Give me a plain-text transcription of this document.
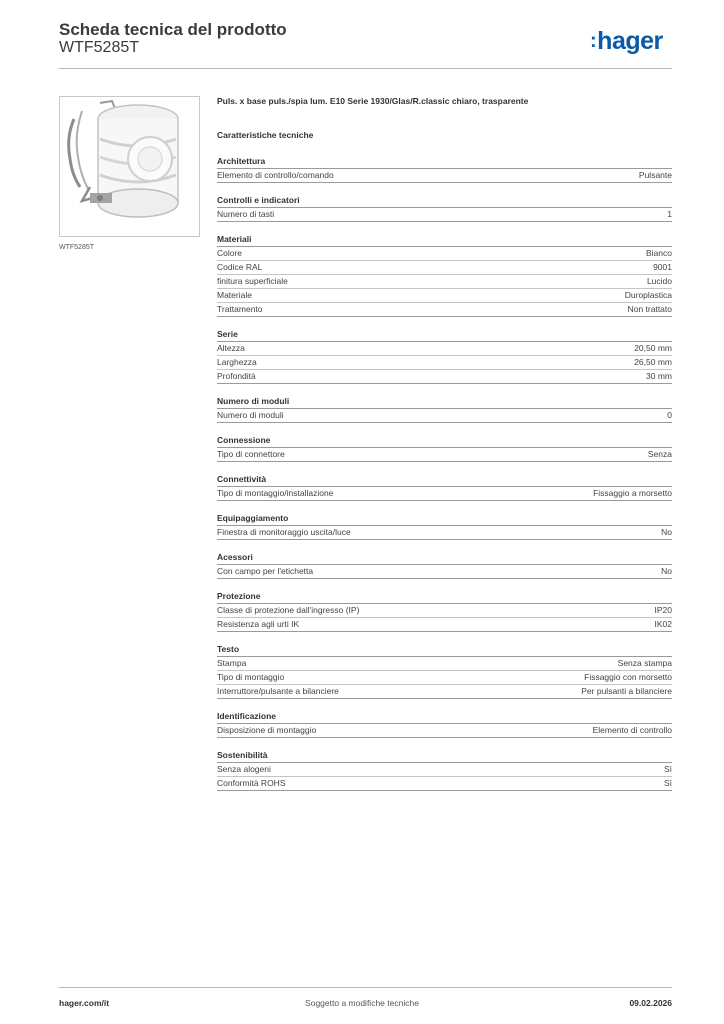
Scheda tecnica del prodotto
WTF5285T	:hager
WTF5285T
Puls. x base puls./spia lum. E10 Serie 1930/Glas/R.classic chiaro, trasparente
Caratteristiche tecniche
Architettura
Elemento di controllo/comando	Pulsante
Controlli e indicatori
Numero di tasti	1
Materiali
Colore	Bianco
Codice RAL	9001
finitura superficiale	Lucido
Materiale	Duroplastica
Trattamento	Non trattato
Serie
Altezza	20,50 mm
Larghezza	26,50 mm
Profondità	30 mm
Numero di moduli
Numero di moduli	0
Connessione
Tipo di connettore	Senza
Connettività
Tipo di montaggio/installazione	Fissaggio a morsetto
Equipaggiamento
Finestra di monitoraggio uscita/luce	No
Acessori
Con campo per l'etichetta	No
Protezione
Classe di protezione dall'ingresso (IP)	IP20
Resistenza agli urti IK	IK02
Testo
Stampa	Senza stampa
Tipo di montaggio	Fissaggio con morsetto
Interruttore/pulsante a bilanciere	Per pulsanti a bilanciere
Identificazione
Disposizione di montaggio	Elemento di controllo
Sostenibilità
Senza alogeni	Sì
Conformità ROHS	Sì
hager.com/it	Soggetto a modifiche tecniche	09.02.2026
